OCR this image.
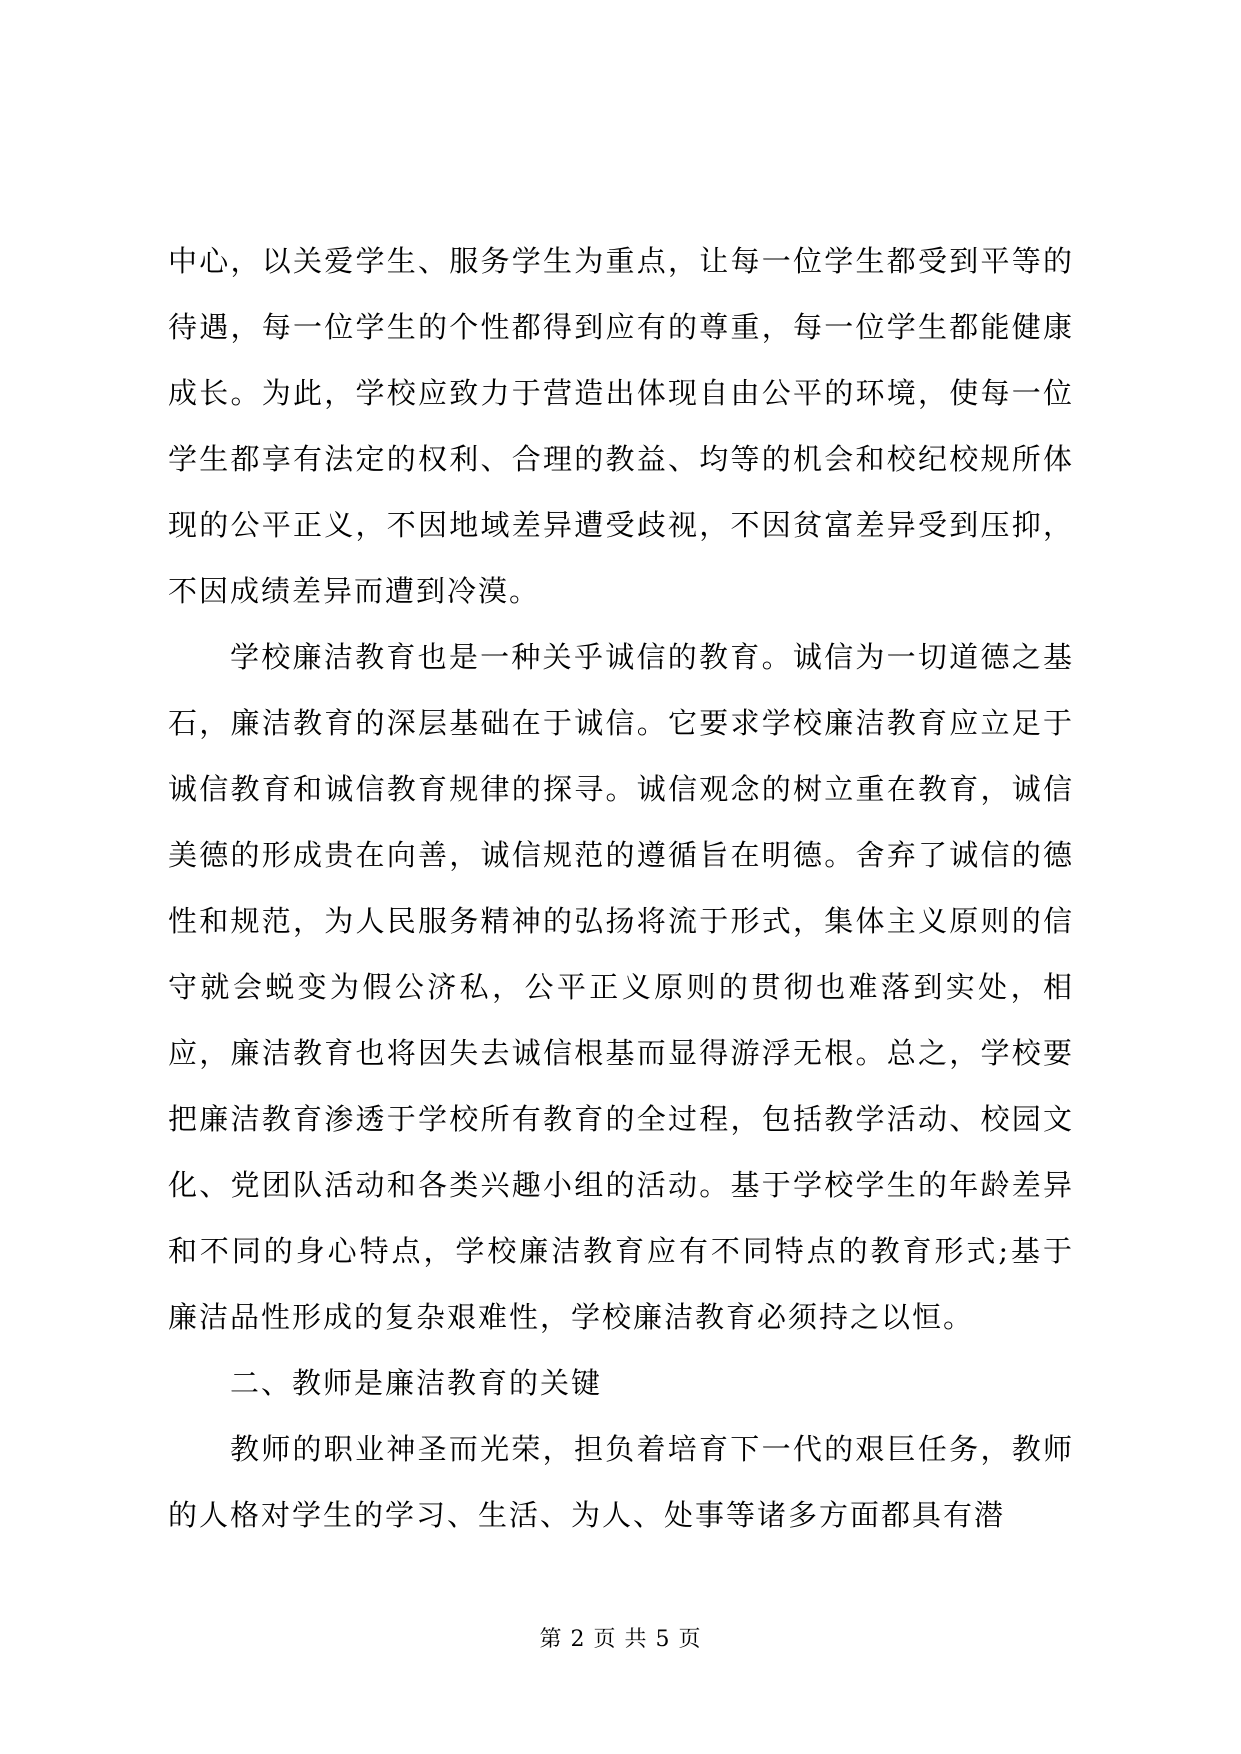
中心，以关爱学生、服务学生为重点，让每一位学生都受到平等的待遇，每一位学生的个性都得到应有的尊重，每一位学生都能健康成长。为此，学校应致力于营造出体现自由公平的环境，使每一位学生都享有法定的权利、合理的教益、均等的机会和校纪校规所体现的公平正义，不因地域差异遭受歧视，不因贫富差异受到压抑，不因成绩差异而遭到冷漠。

学校廉洁教育也是一种关乎诚信的教育。诚信为一切道德之基石，廉洁教育的深层基础在于诚信。它要求学校廉洁教育应立足于诚信教育和诚信教育规律的探寻。诚信观念的树立重在教育，诚信美德的形成贵在向善，诚信规范的遵循旨在明德。舍弃了诚信的德性和规范，为人民服务精神的弘扬将流于形式，集体主义原则的信守就会蜕变为假公济私，公平正义原则的贯彻也难落到实处，相应，廉洁教育也将因失去诚信根基而显得游浮无根。总之，学校要把廉洁教育渗透于学校所有教育的全过程，包括教学活动、校园文化、党团队活动和各类兴趣小组的活动。基于学校学生的年龄差异和不同的身心特点，学校廉洁教育应有不同特点的教育形式;基于廉洁品性形成的复杂艰难性，学校廉洁教育必须持之以恒。

二、教师是廉洁教育的关键

教师的职业神圣而光荣，担负着培育下一代的艰巨任务，教师的人格对学生的学习、生活、为人、处事等诸多方面都具有潜

第 2 页 共 5 页
